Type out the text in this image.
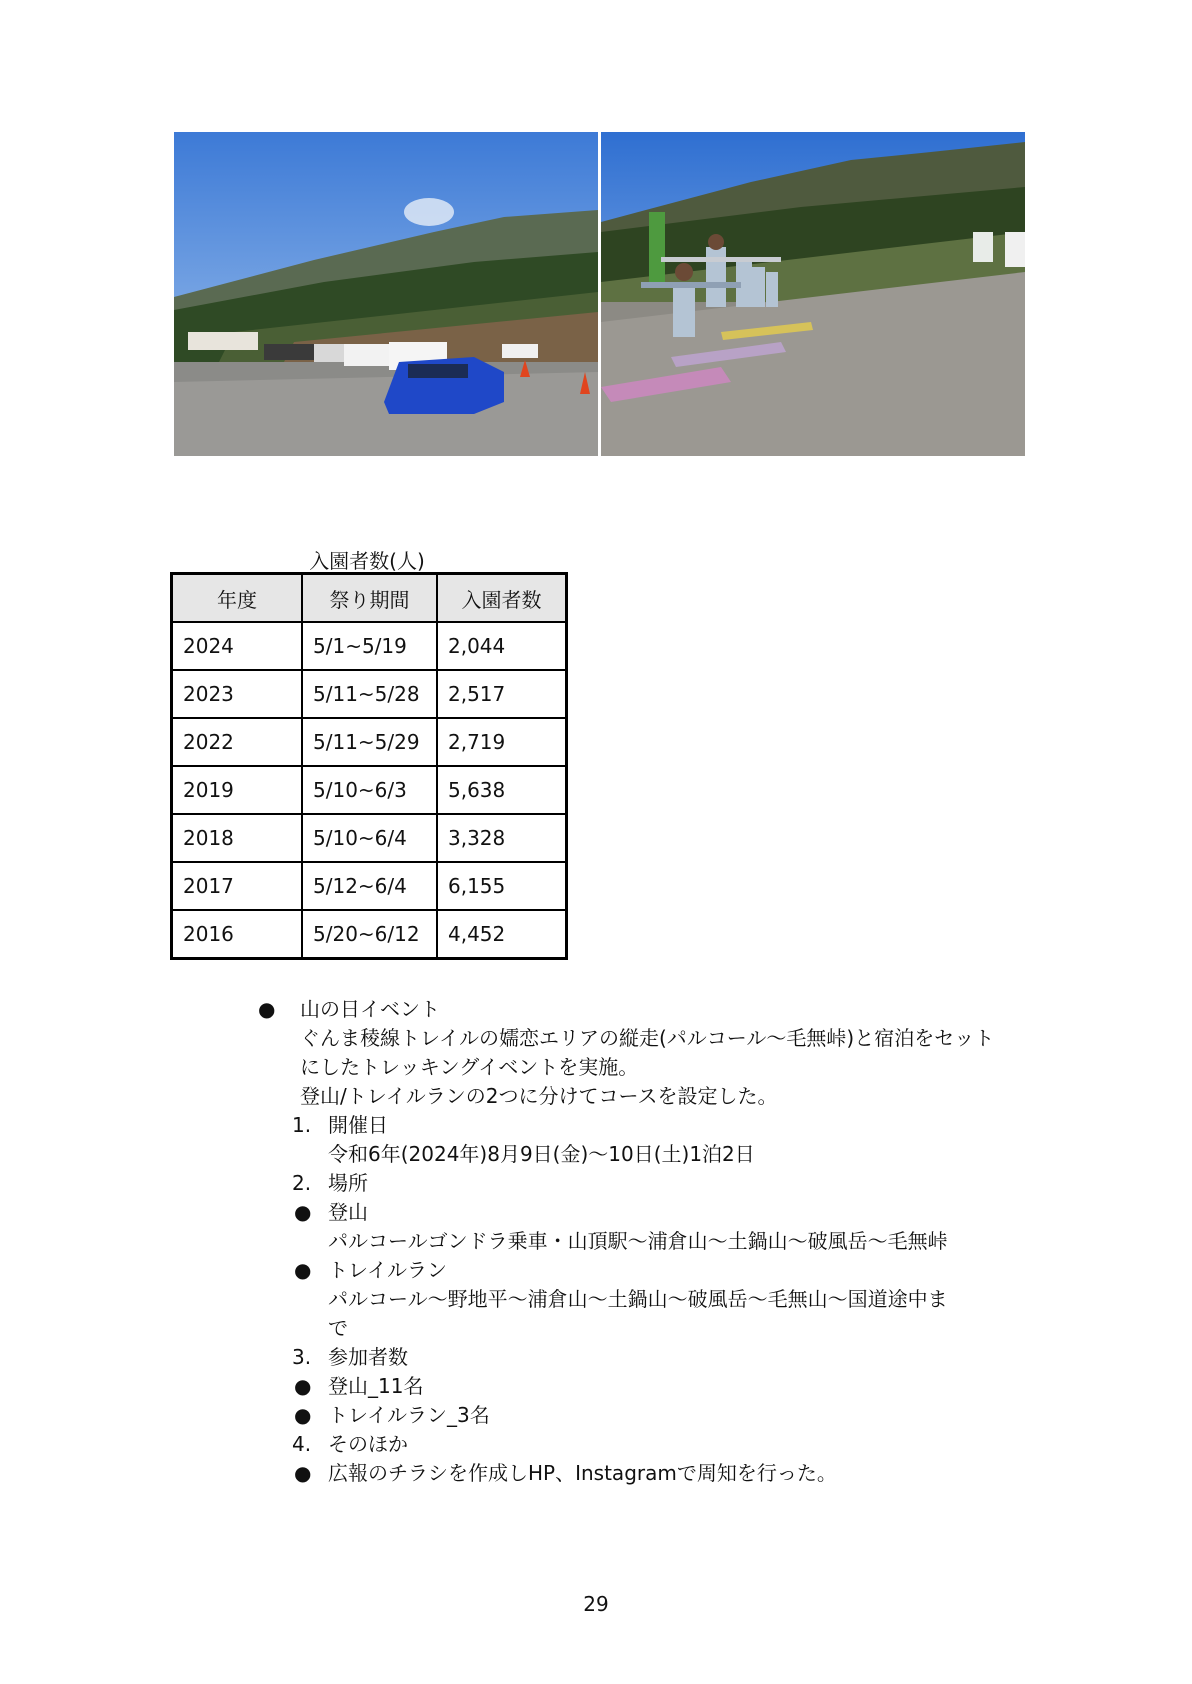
入園者数(人)
年度	祭り期間	入園者数
2024	5/1~5/19	2,044
2023	5/11~5/28	2,517
2022	5/11~5/29	2,719
2019	5/10~6/3	5,638
2018	5/10~6/4	3,328
2017	5/12~6/4	6,155
2016	5/20~6/12	4,452
● 山の日イベント
ぐんま稜線トレイルの嬬恋エリアの縦走(パルコール～毛無峠)と宿泊をセット
にしたトレッキングイベントを実施。
登山/トレイルランの2つに分けてコースを設定した。
1. 開催日
令和6年(2024年)8月9日(金)～10日(土)1泊2日
2. 場所
● 登山
パルコールゴンドラ乗車・山頂駅～浦倉山～土鍋山～破風岳～毛無峠
● トレイルラン
パルコール～野地平～浦倉山～土鍋山～破風岳～毛無山～国道途中ま
で
3. 参加者数
● 登山_11名
● トレイルラン_3名
4. そのほか
● 広報のチラシを作成しHP、Instagramで周知を行った。
29
